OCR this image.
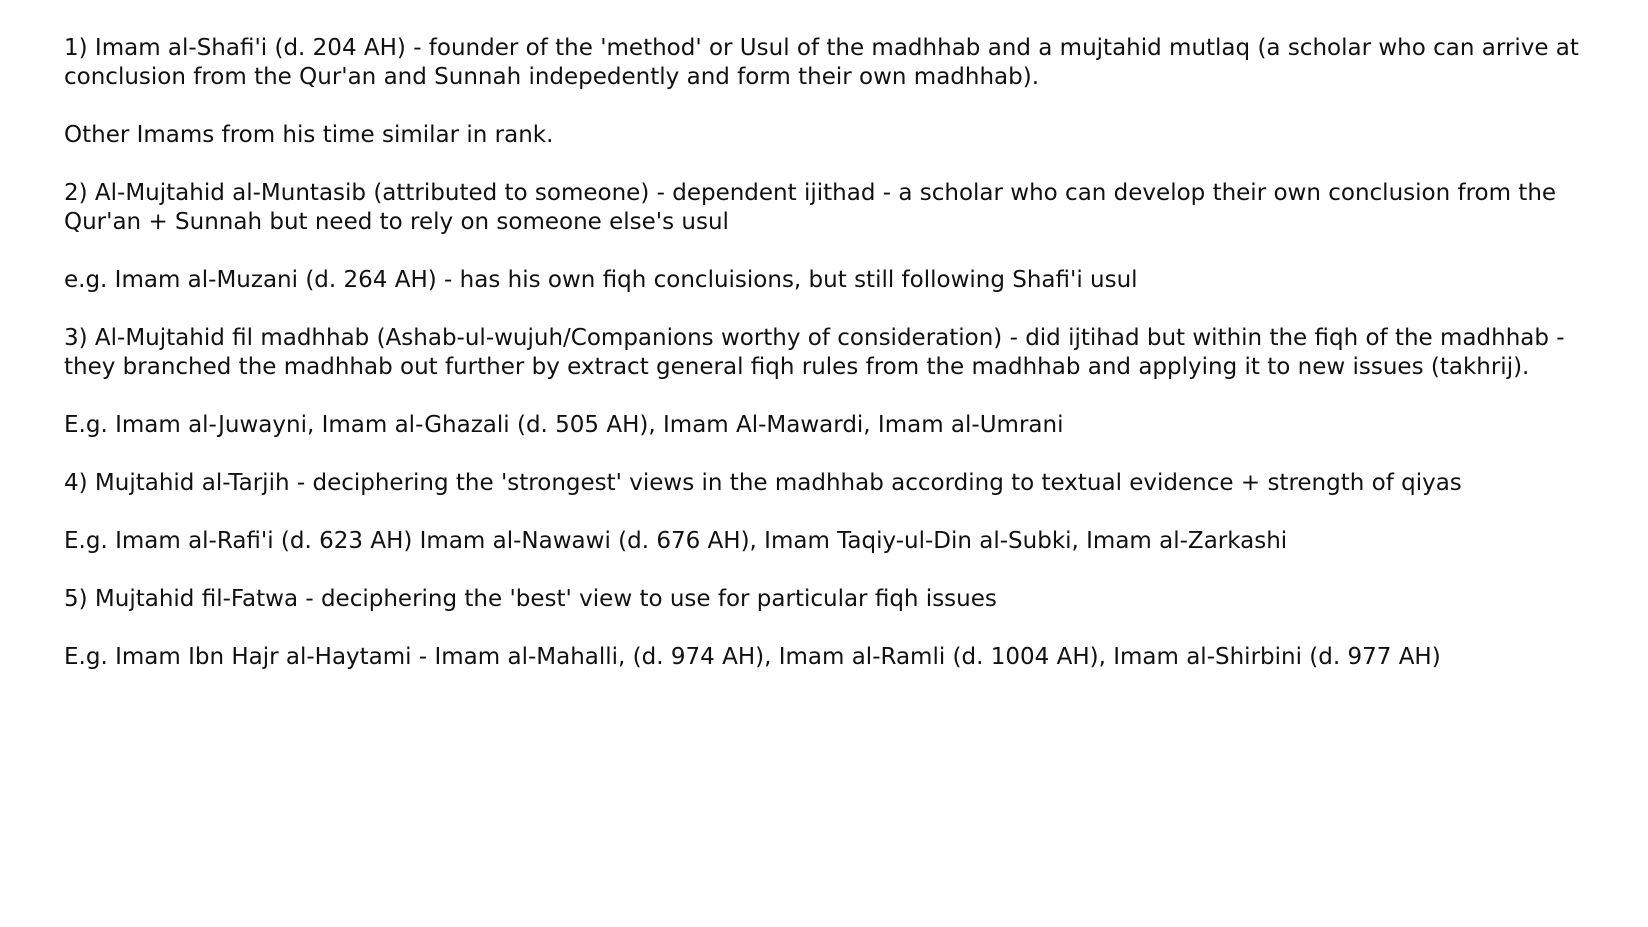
1) Imam al-Shafi'i (d. 204 AH) - founder of the 'method' or Usul of the madhhab and a mujtahid mutlaq (a scholar who can arrive at conclusion from the Qur'an and Sunnah indepedently and form their own madhhab).

Other Imams from his time similar in rank.

2) Al-Mujtahid al-Muntasib (attributed to someone) - dependent ijithad - a scholar who can develop their own conclusion from the Qur'an + Sunnah but need to rely on someone else's usul

e.g. Imam al-Muzani (d. 264 AH) - has his own fiqh concluisions, but still following Shafi'i usul

3) Al-Mujtahid fil madhhab (Ashab-ul-wujuh/Companions worthy of consideration) - did ijtihad but within the fiqh of the madhhab - they branched the madhhab out further by extract general fiqh rules from the madhhab and applying it to new issues (takhrij).

E.g. Imam al-Juwayni, Imam al-Ghazali (d. 505 AH), Imam Al-Mawardi, Imam al-Umrani

4) Mujtahid al-Tarjih - deciphering the 'strongest' views in the madhhab according to textual evidence + strength of qiyas

E.g. Imam al-Rafi'i (d. 623 AH) Imam al-Nawawi (d. 676 AH), Imam Taqiy-ul-Din al-Subki, Imam al-Zarkashi

5) Mujtahid fil-Fatwa - deciphering the 'best' view to use for particular fiqh issues

E.g. Imam Ibn Hajr al-Haytami - Imam al-Mahalli, (d. 974 AH), Imam al-Ramli (d. 1004 AH), Imam al-Shirbini (d. 977 AH)
